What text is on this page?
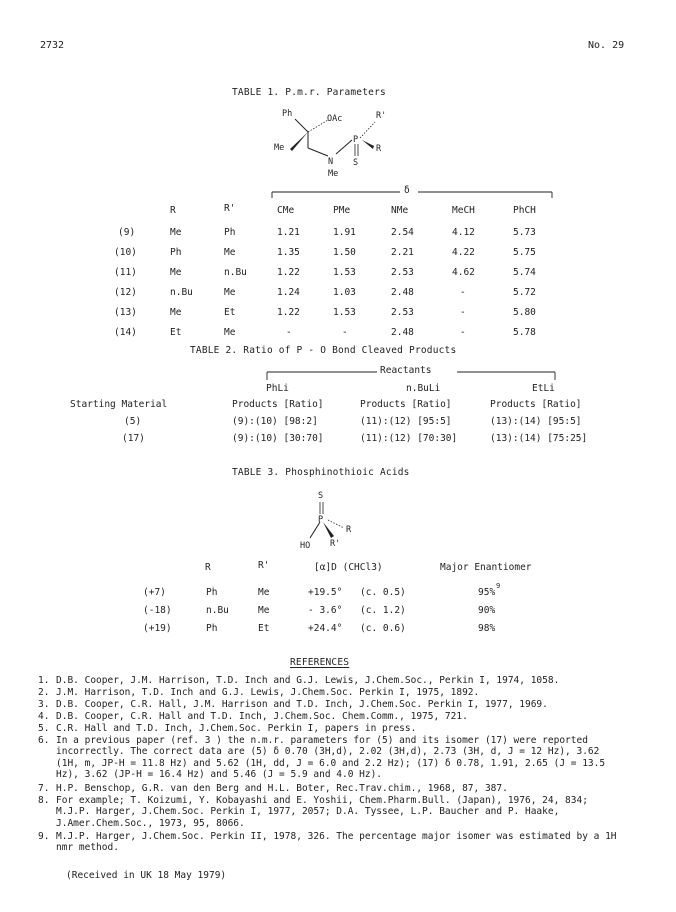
2732	No. 29
TABLE 1. P.m.r. Parameters
Ph	OAc
Me
R'
P
R
N S
Me
δ
R	R'	CMe	PMe	NMe	MeCH	PhCH
(9)	Me	Ph	1.21	1.91	2.54	4.12	5.73
(10)	Ph	Me	1.35	1.50	2.21	4.22	5.75
(11)	Me	n.Bu	1.22	1.53	2.53	4.62	5.74
(12)	n.Bu	Me	1.24	1.03	2.48	-	5.72
(13)	Me	Et	1.22	1.53	2.53	-	5.80
(14)	Et	Me	-	-	2.48	-	5.78
TABLE 2. Ratio of P - O Bond Cleaved Products
Reactants
PhLi	n.BuLi	EtLi
Starting Material	Products [Ratio]	Products [Ratio]	Products [Ratio]
(5)	(9):(10) [98:2]	(11):(12) [95:5]	(13):(14) [95:5]
(17)	(9):(10) [30:70]	(11):(12) [70:30]	(13):(14) [75:25]
TABLE 3. Phosphinothioic Acids
S
P
R
HO R'
R	R'	[α]D (CHCl3)	Major Enantiomer
(+7)	Ph	Me	+19.5° (c. 0.5)	95%
9
(-18)	n.Bu	Me	- 3.6° (c. 1.2)	90%
(+19)	Ph	Et	+24.4° (c. 0.6)	98%
REFERENCES
1. D.B. Cooper, J.M. Harrison, T.D. Inch and G.J. Lewis, J.Chem.Soc., Perkin I, 1974, 1058.
2. J.M. Harrison, T.D. Inch and G.J. Lewis, J.Chem.Soc. Perkin I, 1975, 1892.
3. D.B. Cooper, C.R. Hall, J.M. Harrison and T.D. Inch, J.Chem.Soc. Perkin I, 1977, 1969.
4. D.B. Cooper, C.R. Hall and T.D. Inch, J.Chem.Soc. Chem.Comm., 1975, 721.
5. C.R. Hall and T.D. Inch, J.Chem.Soc. Perkin I, papers in press.
6. In a previous paper (ref. 3 ) the n.m.r. parameters for (5) and its isomer (17) were reported incorrectly. The correct data are (5) δ 0.70 (3H,d), 2.02 (3H,d), 2.73 (3H, d, J = 12 Hz), 3.62 (1H, m, JP-H = 11.8 Hz) and 5.62 (1H, dd, J = 6.0 and 2.2 Hz); (17) δ 0.78, 1.91, 2.65 (J = 13.5 Hz), 3.62 (JP-H = 16.4 Hz) and 5.46 (J = 5.9 and 4.0 Hz).
7. H.P. Benschop, G.R. van den Berg and H.L. Boter, Rec.Trav.chim., 1968, 87, 387.
8. For example; T. Koizumi, Y. Kobayashi and E. Yoshii, Chem.Pharm.Bull. (Japan), 1976, 24, 834; M.J.P. Harger, J.Chem.Soc. Perkin I, 1977, 2057; D.A. Tyssee, L.P. Baucher and P. Haake, J.Amer.Chem.Soc., 1973, 95, 8066.
9. M.J.P. Harger, J.Chem.Soc. Perkin II, 1978, 326. The percentage major isomer was estimated by a 1H nmr method.
(Received in UK 18 May 1979)
